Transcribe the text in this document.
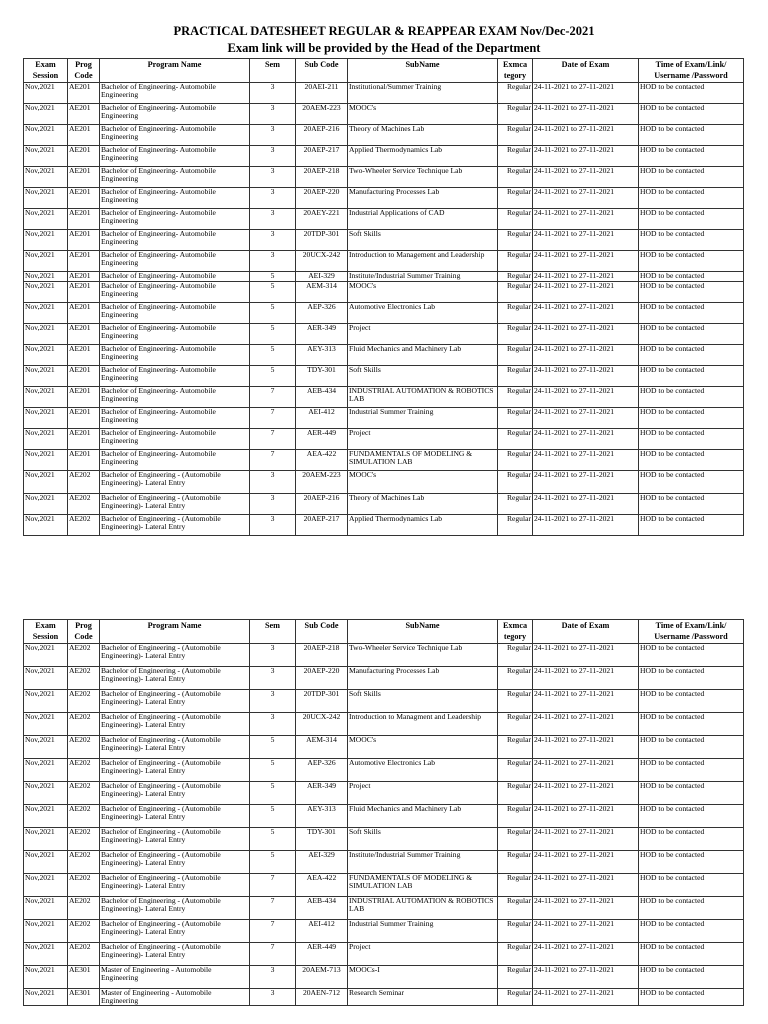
PRACTICAL DATESHEET REGULAR & REAPPEAR EXAM Nov/Dec-2021
Exam link will be provided by the Head of the Department
Exam
Session	Prog
Code	Program Name	Sem	Sub Code	SubName	Exmca
tegory	Date of Exam	Time of Exam/Link/
Username /Password
Nov,2021	AE201	Bachelor of Engineering- Automobile Engineering	3	20AEI-211	Institutional/Summer Training	Regular	24-11-2021 to 27-11-2021	HOD to be contacted
Nov,2021	AE201	Bachelor of Engineering- Automobile Engineering	3	20AEM-223	MOOC's	Regular	24-11-2021 to 27-11-2021	HOD to be contacted
Nov,2021	AE201	Bachelor of Engineering- Automobile Engineering	3	20AEP-216	Theory of Machines Lab	Regular	24-11-2021 to 27-11-2021	HOD to be contacted
Nov,2021	AE201	Bachelor of Engineering- Automobile Engineering	3	20AEP-217	Applied Thermodynamics Lab	Regular	24-11-2021 to 27-11-2021	HOD to be contacted
Nov,2021	AE201	Bachelor of Engineering- Automobile Engineering	3	20AEP-218	Two-Wheeler Service Technique Lab	Regular	24-11-2021 to 27-11-2021	HOD to be contacted
Nov,2021	AE201	Bachelor of Engineering- Automobile Engineering	3	20AEP-220	Manufacturing Processes Lab	Regular	24-11-2021 to 27-11-2021	HOD to be contacted
Nov,2021	AE201	Bachelor of Engineering- Automobile Engineering	3	20AEY-221	Industrial Applications of CAD	Regular	24-11-2021 to 27-11-2021	HOD to be contacted
Nov,2021	AE201	Bachelor of Engineering- Automobile Engineering	3	20TDP-301	Soft Skills	Regular	24-11-2021 to 27-11-2021	HOD to be contacted
Nov,2021	AE201	Bachelor of Engineering- Automobile Engineering	3	20UCX-242	Introduction to Management and Leadership	Regular	24-11-2021 to 27-11-2021	HOD to be contacted
Nov,2021	AE201	Bachelor of Engineering- Automobile	5	AEI-329	Institute/Industrial Summer Training	Regular	24-11-2021 to 27-11-2021	HOD to be contacted
Nov,2021	AE201	Bachelor of Engineering- Automobile Engineering	5	AEM-314	MOOC's	Regular	24-11-2021 to 27-11-2021	HOD to be contacted
Nov,2021	AE201	Bachelor of Engineering- Automobile Engineering	5	AEP-326	Automotive Electronics Lab	Regular	24-11-2021 to 27-11-2021	HOD to be contacted
Nov,2021	AE201	Bachelor of Engineering- Automobile Engineering	5	AER-349	Project	Regular	24-11-2021 to 27-11-2021	HOD to be contacted
Nov,2021	AE201	Bachelor of Engineering- Automobile Engineering	5	AEY-313	Fluid Mechanics and Machinery Lab	Regular	24-11-2021 to 27-11-2021	HOD to be contacted
Nov,2021	AE201	Bachelor of Engineering- Automobile Engineering	5	TDY-301	Soft Skills	Regular	24-11-2021 to 27-11-2021	HOD to be contacted
Nov,2021	AE201	Bachelor of Engineering- Automobile Engineering	7	AEB-434	INDUSTRIAL AUTOMATION & ROBOTICS LAB	Regular	24-11-2021 to 27-11-2021	HOD to be contacted
Nov,2021	AE201	Bachelor of Engineering- Automobile Engineering	7	AEI-412	Industrial Summer Training	Regular	24-11-2021 to 27-11-2021	HOD to be contacted
Nov,2021	AE201	Bachelor of Engineering- Automobile Engineering	7	AER-449	Project	Regular	24-11-2021 to 27-11-2021	HOD to be contacted
Nov,2021	AE201	Bachelor of Engineering- Automobile Engineering	7	AEA-422	FUNDAMENTALS OF MODELING & SIMULATION LAB	Regular	24-11-2021 to 27-11-2021	HOD to be contacted
Nov,2021	AE202	Bachelor of Engineering - (Automobile Engineering)- Lateral Entry	3	20AEM-223	MOOC's	Regular	24-11-2021 to 27-11-2021	HOD to be contacted
Nov,2021	AE202	Bachelor of Engineering - (Automobile Engineering)- Lateral Entry	3	20AEP-216	Theory of Machines Lab	Regular	24-11-2021 to 27-11-2021	HOD to be contacted
Nov,2021	AE202	Bachelor of Engineering - (Automobile Engineering)- Lateral Entry	3	20AEP-217	Applied Thermodynamics Lab	Regular	24-11-2021 to 27-11-2021	HOD to be contacted
Exam
Session	Prog
Code	Program Name	Sem	Sub Code	SubName	Exmca
tegory	Date of Exam	Time of Exam/Link/
Username /Password
Nov,2021	AE202	Bachelor of Engineering - (Automobile Engineering)- Lateral Entry	3	20AEP-218	Two-Wheeler Service Technique Lab	Regular	24-11-2021 to 27-11-2021	HOD to be contacted
Nov,2021	AE202	Bachelor of Engineering - (Automobile Engineering)- Lateral Entry	3	20AEP-220	Manufacturing Processes Lab	Regular	24-11-2021 to 27-11-2021	HOD to be contacted
Nov,2021	AE202	Bachelor of Engineering - (Automobile Engineering)- Lateral Entry	3	20TDP-301	Soft Skills	Regular	24-11-2021 to 27-11-2021	HOD to be contacted
Nov,2021	AE202	Bachelor of Engineering - (Automobile Engineering)- Lateral Entry	3	20UCX-242	Introduction to Managment and Leadership	Regular	24-11-2021 to 27-11-2021	HOD to be contacted
Nov,2021	AE202	Bachelor of Engineering - (Automobile Engineering)- Lateral Entry	5	AEM-314	MOOC's	Regular	24-11-2021 to 27-11-2021	HOD to be contacted
Nov,2021	AE202	Bachelor of Engineering - (Automobile Engineering)- Lateral Entry	5	AEP-326	Automotive Electronics Lab	Regular	24-11-2021 to 27-11-2021	HOD to be contacted
Nov,2021	AE202	Bachelor of Engineering - (Automobile Engineering)- Lateral Entry	5	AER-349	Project	Regular	24-11-2021 to 27-11-2021	HOD to be contacted
Nov,2021	AE202	Bachelor of Engineering - (Automobile Engineering)- Lateral Entry	5	AEY-313	Fluid Mechanics and Machinery Lab	Regular	24-11-2021 to 27-11-2021	HOD to be contacted
Nov,2021	AE202	Bachelor of Engineering - (Automobile Engineering)- Lateral Entry	5	TDY-301	Soft Skills	Regular	24-11-2021 to 27-11-2021	HOD to be contacted
Nov,2021	AE202	Bachelor of Engineering - (Automobile Engineering)- Lateral Entry	5	AEI-329	Institute/Industrial Summer Training	Regular	24-11-2021 to 27-11-2021	HOD to be contacted
Nov,2021	AE202	Bachelor of Engineering - (Automobile Engineering)- Lateral Entry	7	AEA-422	FUNDAMENTALS OF MODELING & SIMULATION LAB	Regular	24-11-2021 to 27-11-2021	HOD to be contacted
Nov,2021	AE202	Bachelor of Engineering - (Automobile Engineering)- Lateral Entry	7	AEB-434	INDUSTRIAL AUTOMATION & ROBOTICS LAB	Regular	24-11-2021 to 27-11-2021	HOD to be contacted
Nov,2021	AE202	Bachelor of Engineering - (Automobile Engineering)- Lateral Entry	7	AEI-412	Industrial Summer Training	Regular	24-11-2021 to 27-11-2021	HOD to be contacted
Nov,2021	AE202	Bachelor of Engineering - (Automobile Engineering)- Lateral Entry	7	AER-449	Project	Regular	24-11-2021 to 27-11-2021	HOD to be contacted
Nov,2021	AE301	Master of Engineering - Automobile Engineering	3	20AEM-713	MOOCs-I	Regular	24-11-2021 to 27-11-2021	HOD to be contacted
Nov,2021	AE301	Master of Engineering - Automobile Engineering	3	20AEN-712	Research Seminar	Regular	24-11-2021 to 27-11-2021	HOD to be contacted
